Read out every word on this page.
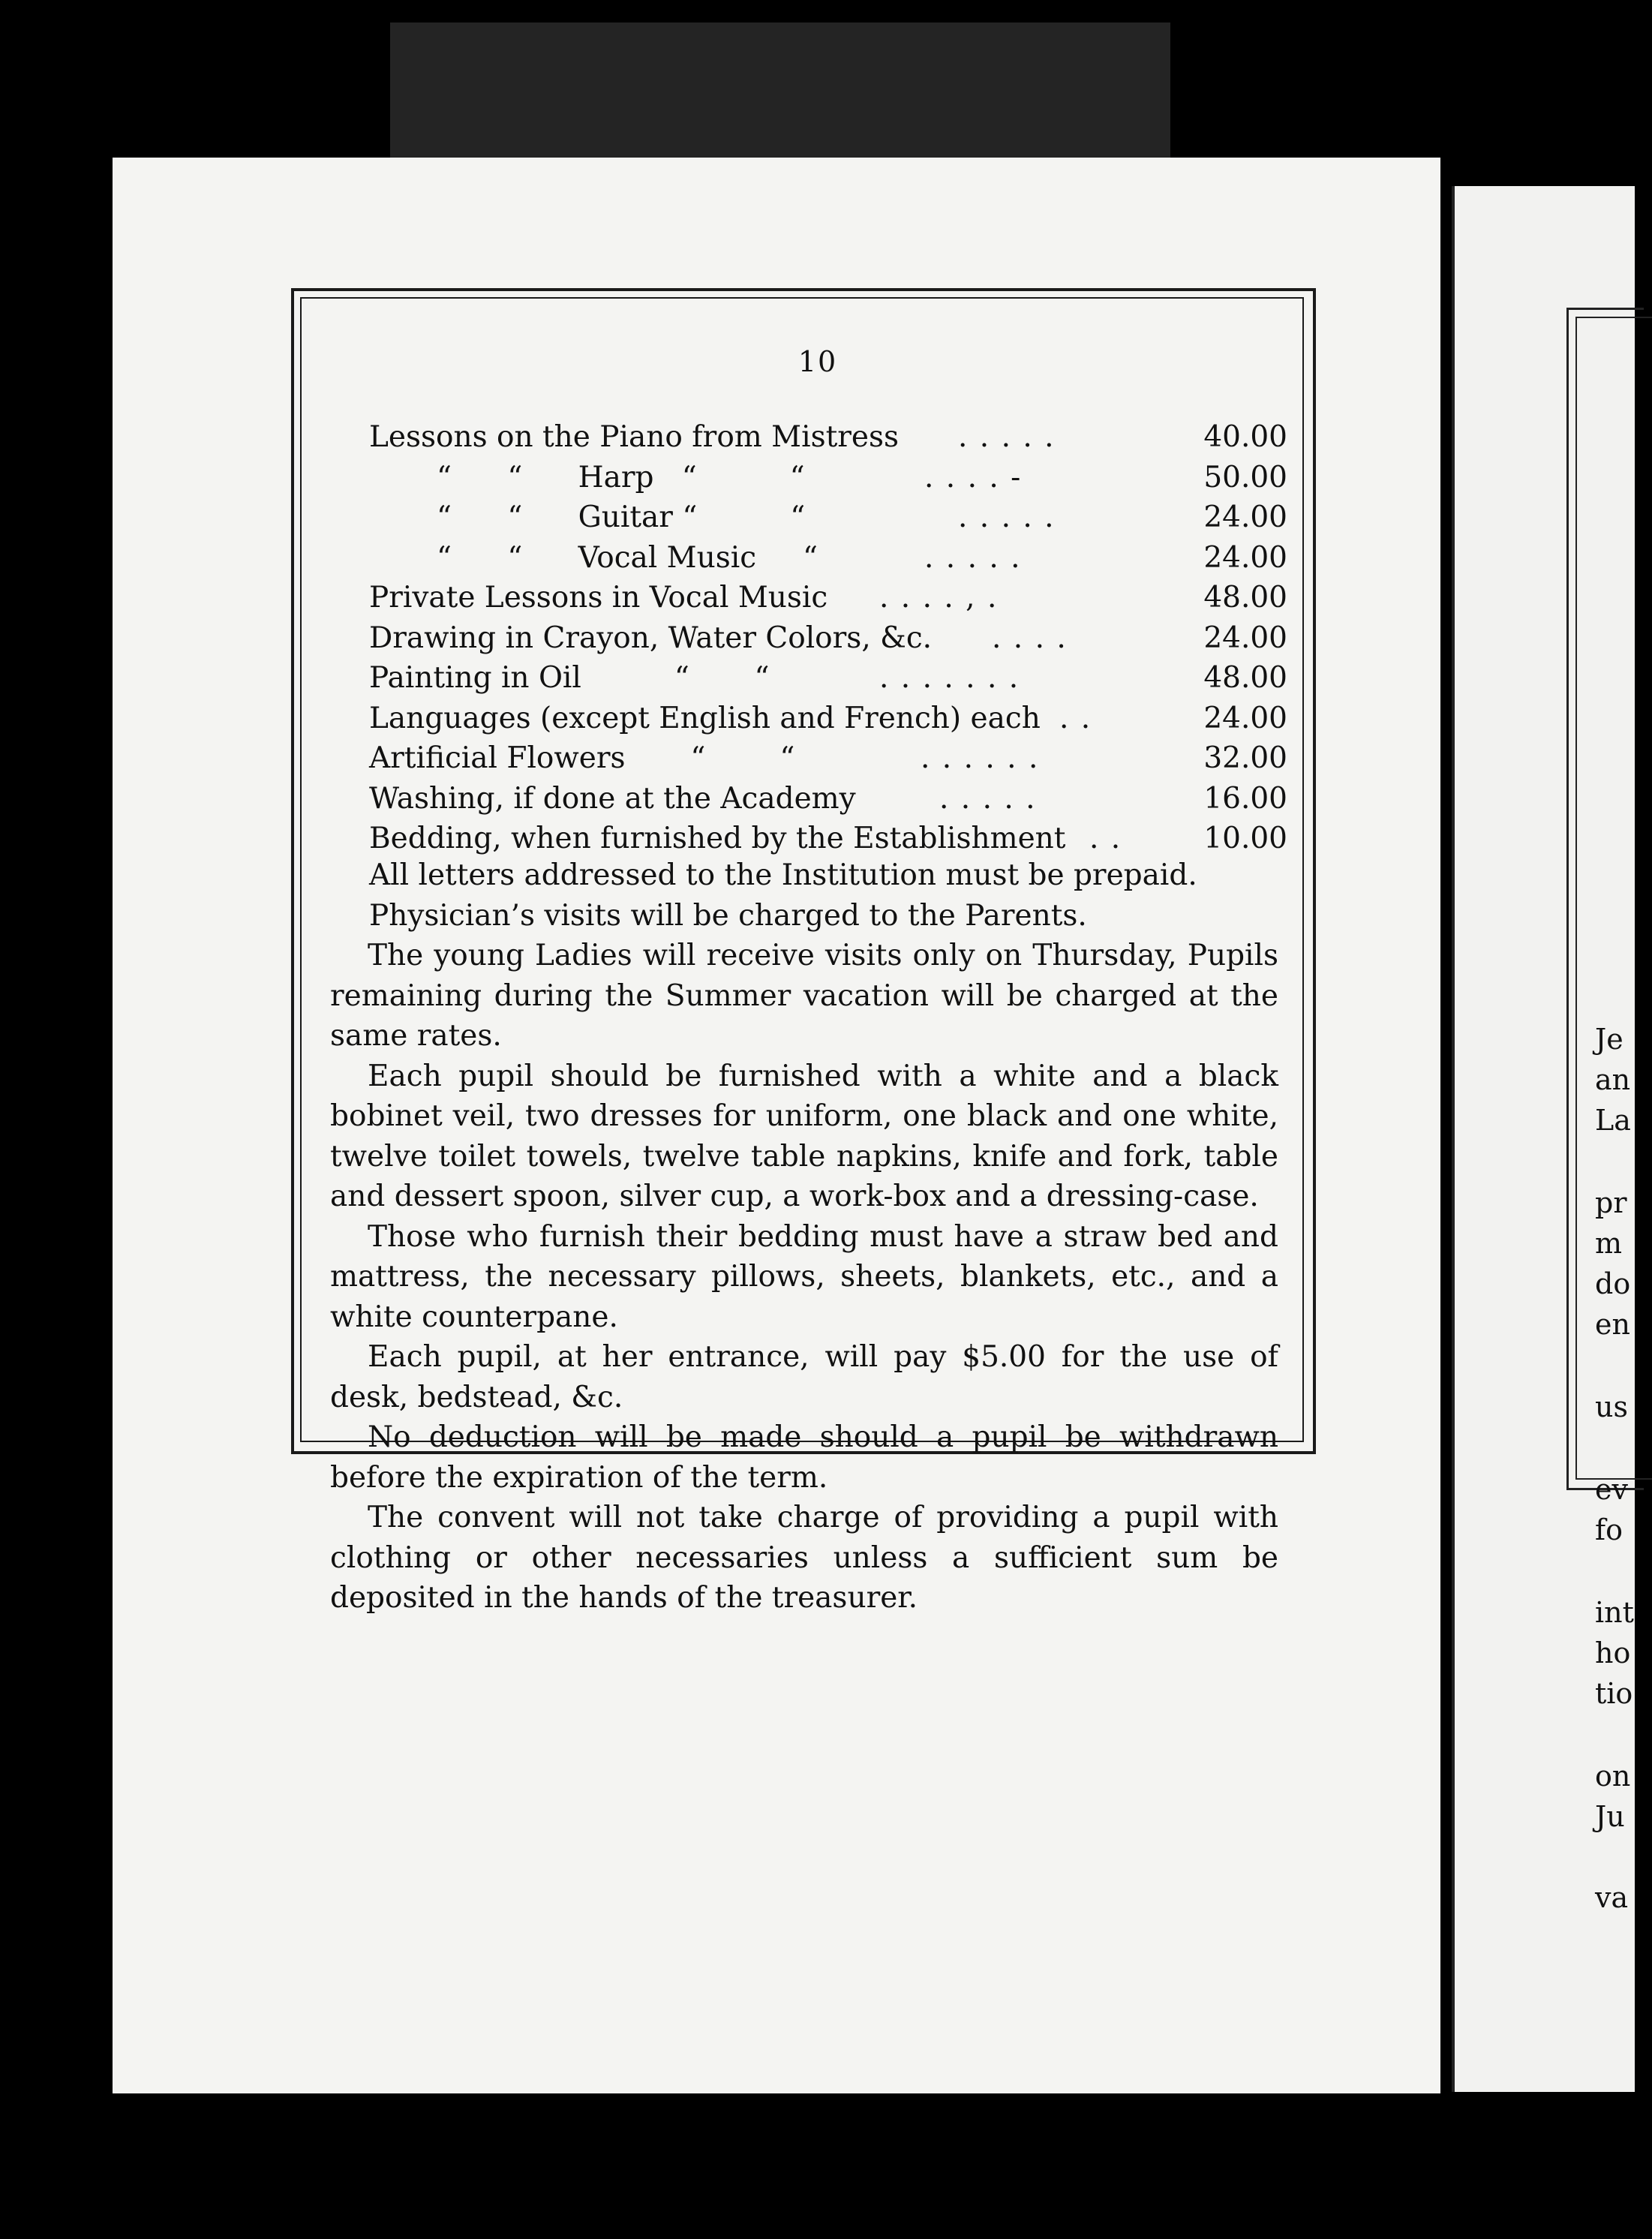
Je
an
La
pr
m
do
en
us
ev
fo
int
ho
tio
on
Ju
va
10
Lessons on the Piano from Mistress . . . . .	40.00
“      “      Harp   “          “	. . . . -	50.00
“      “      Guitar “          “	. . . . .	24.00
“      “      Vocal Music     “	. . . . .	24.00
Private Lessons in Vocal Music . . . . , .	48.00
Drawing in Crayon, Water Colors, &c. . . . .	24.00
Painting in Oil          “       “	. . . . . . .	48.00
Languages (except English and French) each . .	24.00
Artificial Flowers       “        “	. . . . . .	32.00
Washing, if done at the Academy	. . . . .	16.00
Bedding, when furnished by the Establishment . .	10.00

All letters addressed to the Institution must be prepaid.

Physician’s visits will be charged to the Parents.

The young Ladies will receive visits only on Thursday, Pupils remaining during the Summer vacation will be charged at the same rates.

Each pupil should be furnished with a white and a black bobinet veil, two dresses for uniform, one black and one white, twelve toilet towels, twelve table napkins, knife and fork, table and dessert spoon, silver cup, a work-box and a dressing-case.

Those who furnish their bedding must have a straw bed and mattress, the necessary pillows, sheets, blankets, etc., and a white counterpane.

Each pupil, at her entrance, will pay $5.00 for the use of desk, bedstead, &c.

No deduction will be made should a pupil be withdrawn before the expiration of the term.

The convent will not take charge of providing a pupil with clothing or other necessaries unless a sufficient sum be deposited in the hands of the treasurer.
